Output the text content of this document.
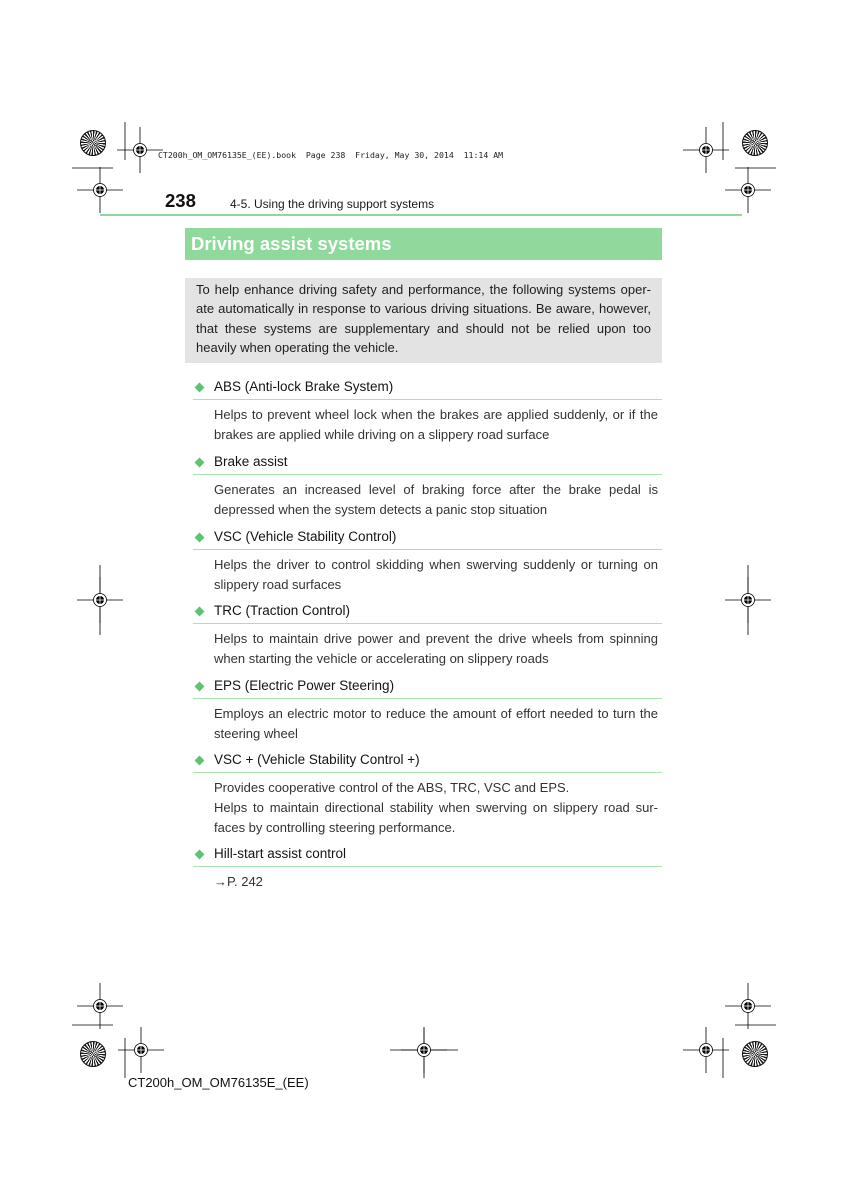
CT200h_OM_OM76135E_(EE).book  Page 238  Friday, May 30, 2014  11:14 AM
238	4-5. Using the driving support systems
Driving assist systems
To help enhance driving safety and performance, the following systems oper-
ate automatically in response to various driving situations. Be aware, however,
that these systems are supplementary and should not be relied upon too
heavily when operating the vehicle.
ABS (Anti-lock Brake System)
Helps to prevent wheel lock when the brakes are applied suddenly, or if the
brakes are applied while driving on a slippery road surface
Brake assist
Generates an increased level of braking force after the brake pedal is
depressed when the system detects a panic stop situation
VSC (Vehicle Stability Control)
Helps the driver to control skidding when swerving suddenly or turning on
slippery road surfaces
TRC (Traction Control)
Helps to maintain drive power and prevent the drive wheels from spinning
when starting the vehicle or accelerating on slippery roads
EPS (Electric Power Steering)
Employs an electric motor to reduce the amount of effort needed to turn the
steering wheel
VSC + (Vehicle Stability Control +)
Provides cooperative control of the ABS, TRC, VSC and EPS.
Helps to maintain directional stability when swerving on slippery road sur-
faces by controlling steering performance.
Hill-start assist control
→P. 242
CT200h_OM_OM76135E_(EE)
